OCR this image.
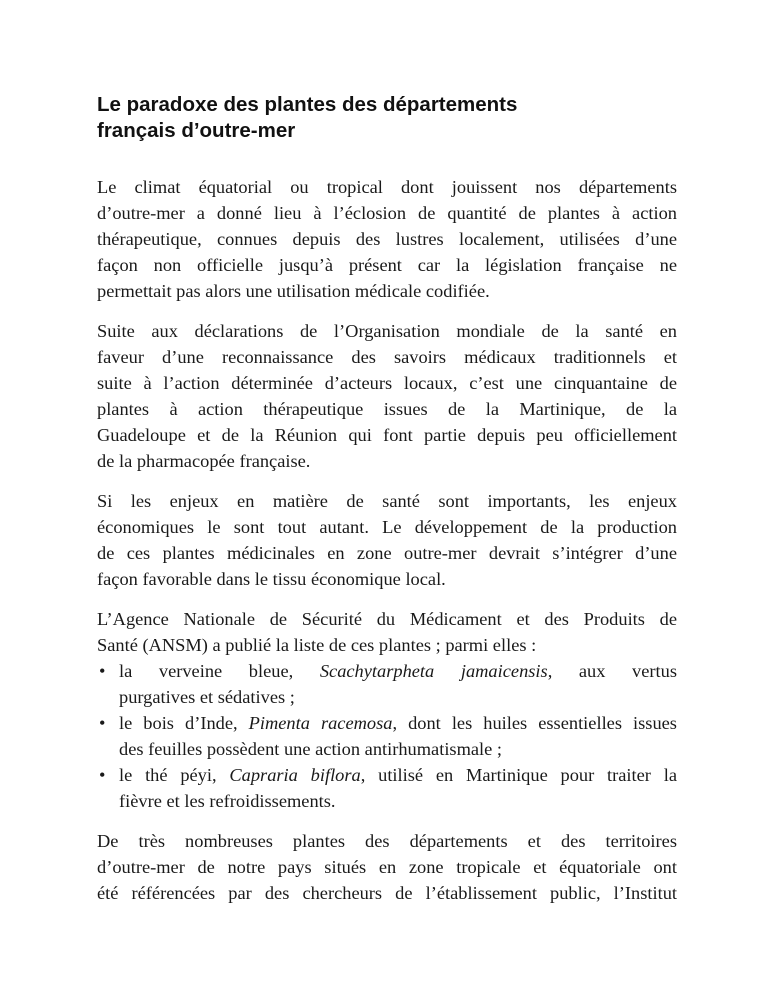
Le paradoxe des plantes des départements
français d’outre-mer

Le climat équatorial ou tropical dont jouissent nos départements
d’outre-mer a donné lieu à l’éclosion de quantité de plantes à action
thérapeutique, connues depuis des lustres localement, utilisées d’une
façon non officielle jusqu’à présent car la législation française ne
permettait pas alors une utilisation médicale codifiée.

Suite aux déclarations de l’Organisation mondiale de la santé en
faveur d’une reconnaissance des savoirs médicaux traditionnels et
suite à l’action déterminée d’acteurs locaux, c’est une cinquantaine de
plantes à action thérapeutique issues de la Martinique, de la
Guadeloupe et de la Réunion qui font partie depuis peu officiellement
de la pharmacopée française.

Si les enjeux en matière de santé sont importants, les enjeux
économiques le sont tout autant. Le développement de la production
de ces plantes médicinales en zone outre-mer devrait s’intégrer d’une
façon favorable dans le tissu économique local.

L’Agence Nationale de Sécurité du Médicament et des Produits de
Santé (ANSM) a publié la liste de ces plantes ; parmi elles :

• la verveine bleue, Scachytarpheta jamaicensis, aux vertus
purgatives et sédatives ;
• le bois d’Inde, Pimenta racemosa, dont les huiles essentielles issues
des feuilles possèdent une action antirhumatismale ;
• le thé péyi, Capraria biflora, utilisé en Martinique pour traiter la
fièvre et les refroidissements.

De très nombreuses plantes des départements et des territoires
d’outre-mer de notre pays situés en zone tropicale et équatoriale ont
été référencées par des chercheurs de l’établissement public, l’Institut
